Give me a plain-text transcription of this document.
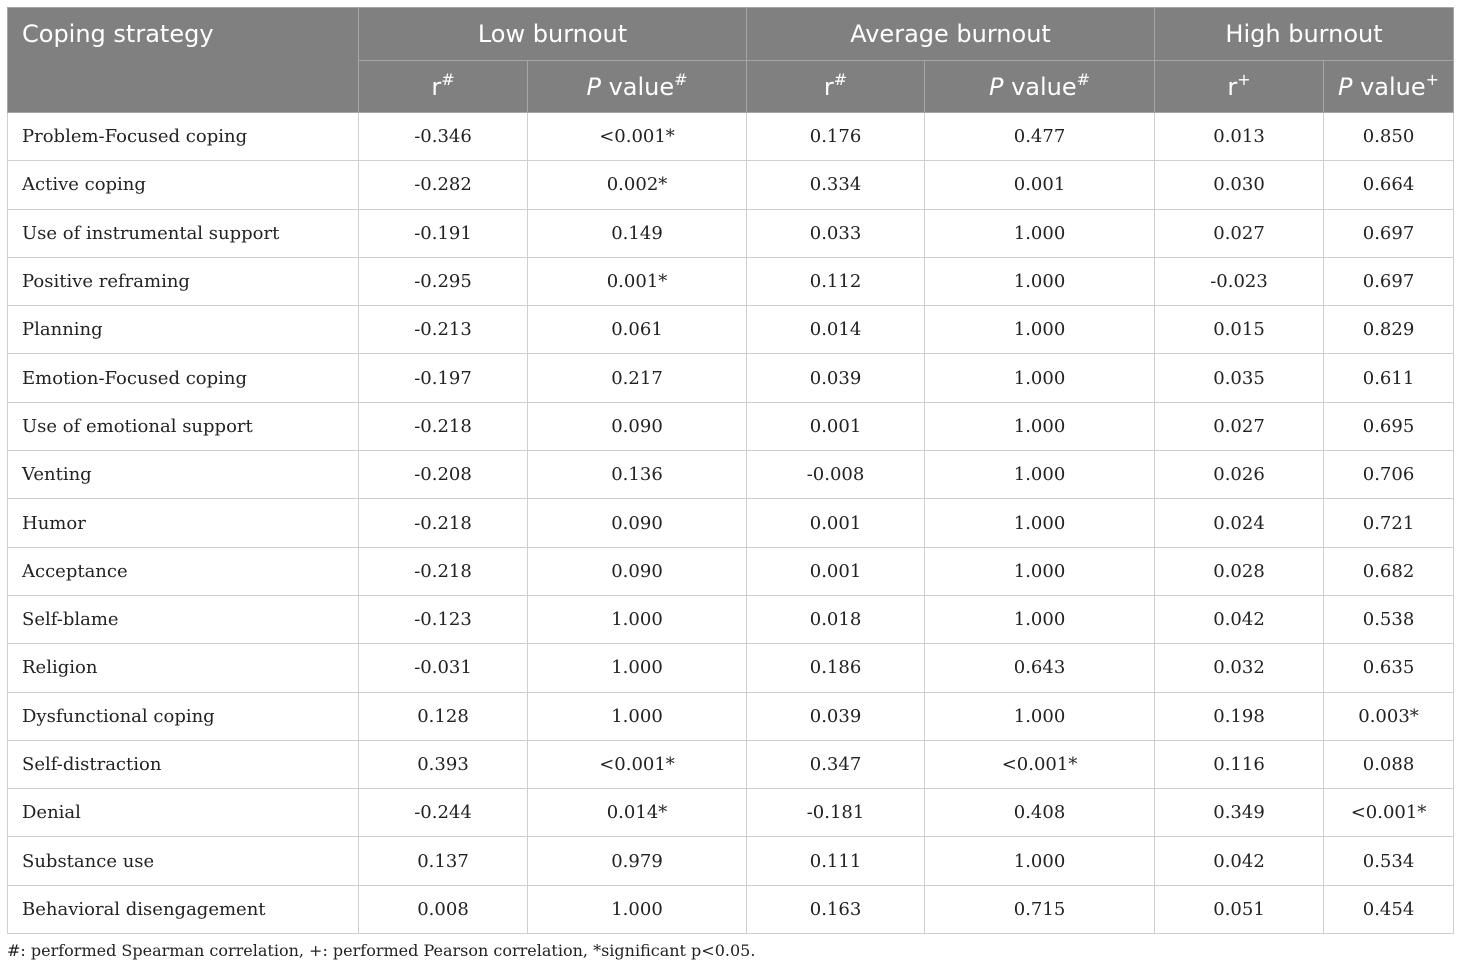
Coping strategy	Low burnout		Average burnout		High burnout	
	r#	P value#	r#	P value#	r+	P value+
Problem-Focused coping	-0.346	<0.001*	0.176	0.477	0.013	0.850
Active coping	-0.282	0.002*	0.334	0.001	0.030	0.664
Use of instrumental support	-0.191	0.149	0.033	1.000	0.027	0.697
Positive reframing	-0.295	0.001*	0.112	1.000	-0.023	0.697
Planning	-0.213	0.061	0.014	1.000	0.015	0.829
Emotion-Focused coping	-0.197	0.217	0.039	1.000	0.035	0.611
Use of emotional support	-0.218	0.090	0.001	1.000	0.027	0.695
Venting	-0.208	0.136	-0.008	1.000	0.026	0.706
Humor	-0.218	0.090	0.001	1.000	0.024	0.721
Acceptance	-0.218	0.090	0.001	1.000	0.028	0.682
Self-blame	-0.123	1.000	0.018	1.000	0.042	0.538
Religion	-0.031	1.000	0.186	0.643	0.032	0.635
Dysfunctional coping	0.128	1.000	0.039	1.000	0.198	0.003*
Self-distraction	0.393	<0.001*	0.347	<0.001*	0.116	0.088
Denial	-0.244	0.014*	-0.181	0.408	0.349	<0.001*
Substance use	0.137	0.979	0.111	1.000	0.042	0.534
Behavioral disengagement	0.008	1.000	0.163	0.715	0.051	0.454
#: performed Spearman correlation, +: performed Pearson correlation, *significant p<0.05.
